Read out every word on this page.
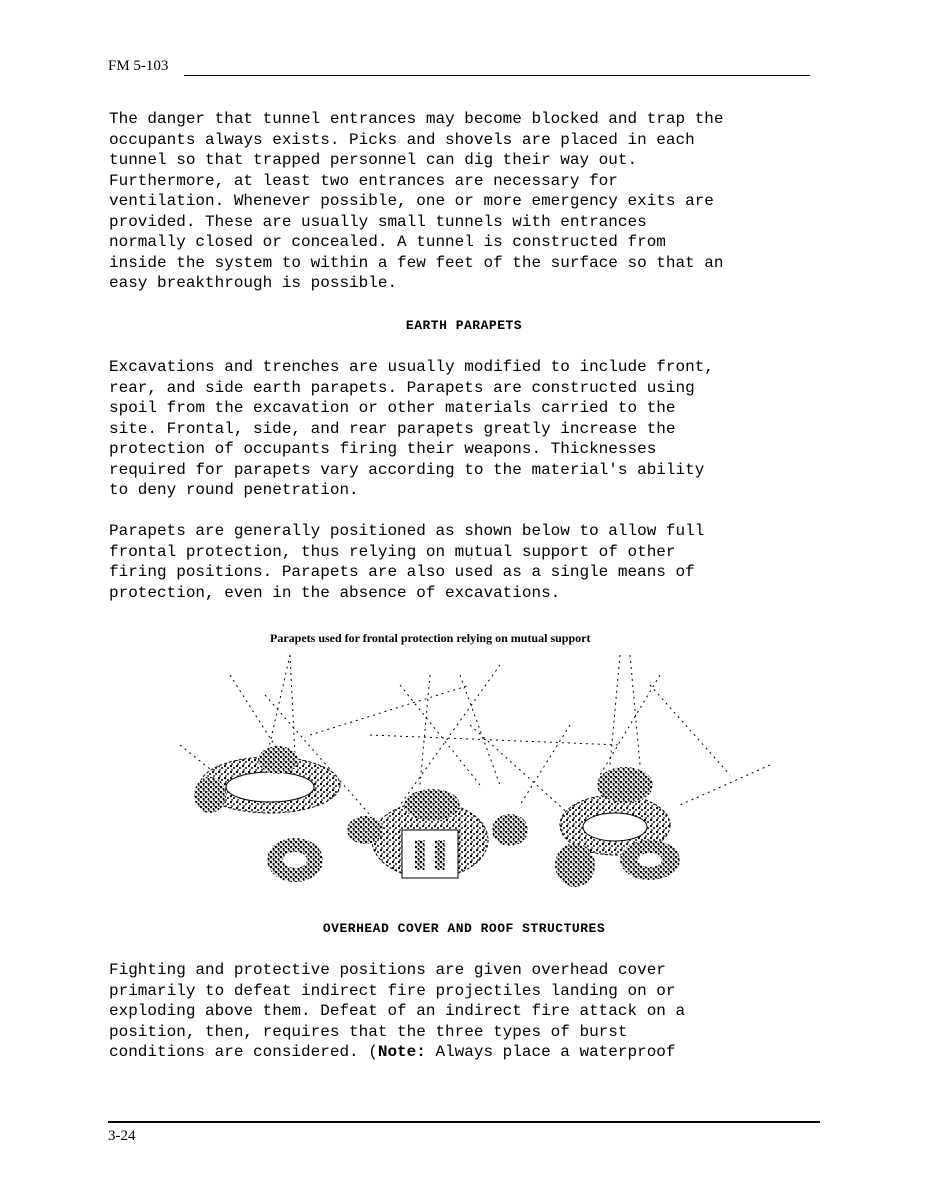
FM 5-103

The danger that tunnel entrances may become blocked and trap the
occupants always exists. Picks and shovels are placed in each
tunnel so that trapped personnel can dig their way out.
Furthermore, at least two entrances are necessary for
ventilation. Whenever possible, one or more emergency exits are
provided. These are usually small tunnels with entrances
normally closed or concealed. A tunnel is constructed from
inside the system to within a few feet of the surface so that an
easy breakthrough is possible.

EARTH PARAPETS

Excavations and trenches are usually modified to include front,
rear, and side earth parapets. Parapets are constructed using
spoil from the excavation or other materials carried to the
site. Frontal, side, and rear parapets greatly increase the
protection of occupants firing their weapons. Thicknesses
required for parapets vary according to the material's ability
to deny round penetration.

Parapets are generally positioned as shown below to allow full
frontal protection, thus relying on mutual support of other
firing positions. Parapets are also used as a single means of
protection, even in the absence of excavations.

Parapets used for frontal protection relying on mutual support
OVERHEAD COVER AND ROOF STRUCTURES

Fighting and protective positions are given overhead cover
primarily to defeat indirect fire projectiles landing on or
exploding above them. Defeat of an indirect fire attack on a
position, then, requires that the three types of burst
conditions are considered. (Note: Always place a waterproof

3-24
